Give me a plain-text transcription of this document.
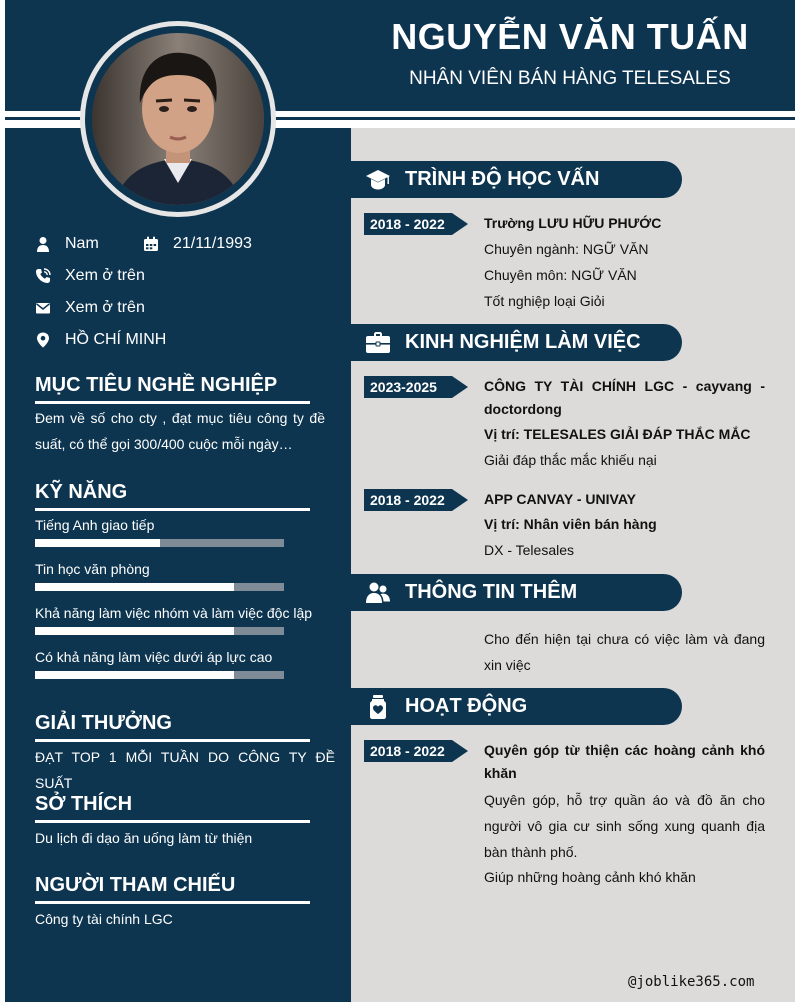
NGUYỄN VĂN TUẤN
NHÂN VIÊN BÁN HÀNG TELESALES
Nam	21/11/1993
Xem ở trên
Xem ở trên
HỒ CHÍ MINH
MỤC TIÊU NGHỀ NGHIỆP
Đem về số cho cty , đạt mục tiêu công ty đề suất, có thể gọi 300/400 cuộc mỗi ngày…
KỸ NĂNG
Tiếng Anh giao tiếp
Tin học văn phòng
Khả năng làm việc nhóm và làm việc độc lập
Có khả năng làm việc dưới áp lực cao
GIẢI THƯỞNG
ĐẠT TOP 1 MỖI TUẦN DO CÔNG TY ĐỀ SUẤT
SỞ THÍCH
Du lịch đi dạo ăn uống làm từ thiện
NGƯỜI THAM CHIẾU
Công ty tài chính LGC
TRÌNH ĐỘ HỌC VẤN
2018 - 2022	Trường LƯU HỮU PHƯỚC
Chuyên ngành: NGỮ VĂN
Chuyên môn: NGỮ VĂN
Tốt nghiệp loại Giỏi
KINH NGHIỆM LÀM VIỆC
2023-2025	CÔNG TY TÀI CHÍNH LGC - cayvang - doctordong
Vị trí: TELESALES GIẢI ĐÁP THẮC MẮC
Giải đáp thắc mắc khiếu nại
2018 - 2022	APP CANVAY - UNIVAY
Vị trí: Nhân viên bán hàng
DX - Telesales
THÔNG TIN THÊM
Cho đến hiện tại chưa có việc làm và đang xin việc
HOẠT ĐỘNG
2018 - 2022	Quyên góp từ thiện các hoàng cảnh khó khăn
Quyên góp, hỗ trợ quần áo và đồ ăn cho người vô gia cư sinh sống xung quanh địa bàn thành phố.
Giúp những hoàng cảnh khó khăn
@joblike365.com
